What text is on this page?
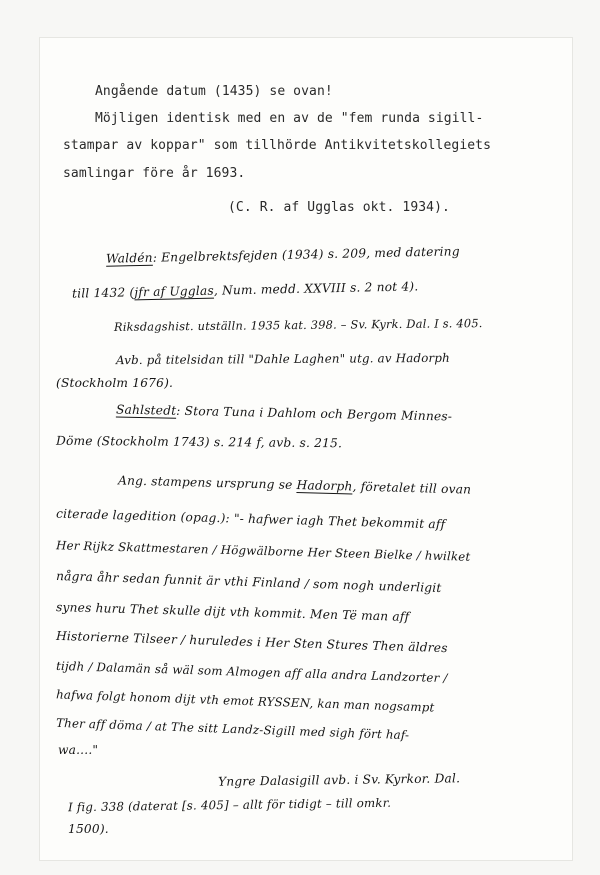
Angående datum (1435) se ovan!
Möjligen identisk med en av de "fem runda sigill-
stampar av koppar" som tillhörde Antikvitetskollegiets
samlingar före år 1693.
(C. R. af Ugglas okt. 1934).
Waldén: Engelbrektsfejden (1934) s. 209, med datering
till 1432 (jfr af Ugglas, Num. medd. XXVIII s. 2 not 4).
Riksdagshist. utställn. 1935 kat. 398. – Sv. Kyrk. Dal. I s. 405.
Avb. på titelsidan till "Dahle Laghen" utg. av Hadorph
(Stockholm 1676).
Sahlstedt: Stora Tuna i Dahlom och Bergom Minnes-
Döme (Stockholm 1743) s. 214 f, avb. s. 215.
Ang. stampens ursprung se Hadorph, företalet till ovan
citerade lagedition (opag.): "- hafwer iagh Thet bekommit aff
Her Rijkz Skattmestaren / Högwälborne Her Steen Bielke / hwilket
några åhr sedan funnit är vthi Finland / som nogh underligit
synes huru Thet skulle dijt vth kommit. Men Të man aff
Historierne Tilseer / huruledes i Her Sten Stures Then äldres
tijdh / Dalamän så wäl som Almogen aff alla andra Landzorter /
hafwa folgt honom dijt vth emot RYSSEN, kan man nogsampt
Ther aff döma / at The sitt Landz-Sigill med sigh fört haf-
wa...."
Yngre Dalasigill avb. i Sv. Kyrkor. Dal.
I fig. 338 (daterat [s. 405] – allt för tidigt – till omkr.
1500).
